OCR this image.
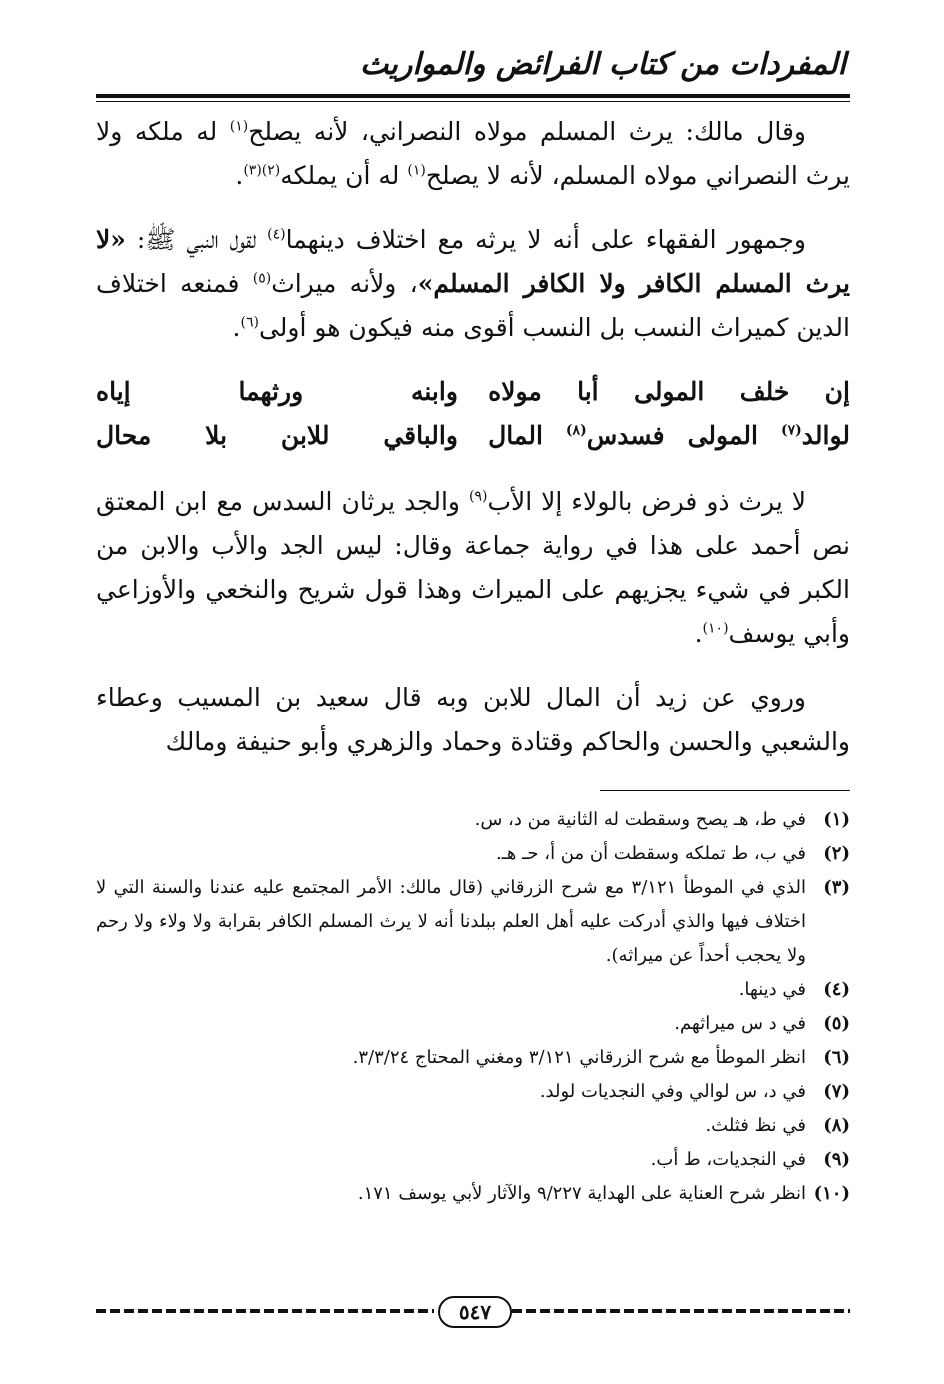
المفردات من كتاب الفرائض والمواريث

وقال مالك: يرث المسلم مولاه النصراني، لأنه يصلح$^{(١)}$ له ملكه ولا يرث النصراني مولاه المسلم، لأنه لا يصلح$^{(١)}$ له أن يملكه$^{(٢)(٣)}$.

وجمهور الفقهاء على أنه لا يرثه مع اختلاف دينهما$^{(٤)}$ لقول النبي ﷺ: «لا يرث المسلم الكافر ولا الكافر المسلم»، ولأنه ميراث$^{(٥)}$ فمنعه اختلاف الدين كميراث النسب بل النسب أقوى منه فيكون هو أولى$^{(٦)}$.

إن خلف المولى أبا مولاه
وابنه ورثهما إياه
لوالد$^{(٧)}$ المولى فسدس$^{(٨)}$ المال
والباقي للابن بلا محال

لا يرث ذو فرض بالولاء إلا الأب$^{(٩)}$ والجد يرثان السدس مع ابن المعتق نص أحمد على هذا في رواية جماعة وقال: ليس الجد والأب والابن من الكبر في شيء يجزيهم على الميراث وهذا قول شريح والنخعي والأوزاعي وأبي يوسف$^{(١٠)}$.

وروي عن زيد أن المال للابن وبه قال سعيد بن المسيب وعطاء والشعبي والحسن والحاكم وقتادة وحماد والزهري وأبو حنيفة ومالك

(١)
في ط، هـ يصح وسقطت له الثانية من د، س.
(٢)
في ب، ط تملكه وسقطت أن من أ، حـ هـ.
(٣)
الذي في الموطأ ٣/١٢١ مع شرح الزرقاني (قال مالك: الأمر المجتمع عليه عندنا والسنة التي لا اختلاف فيها والذي أدركت عليه أهل العلم ببلدنا أنه لا يرث المسلم الكافر بقرابة ولا ولاء ولا رحم ولا يحجب أحداً عن ميراثه).
(٤)
في دينها.
(٥)
في د س ميراثهم.
(٦)
انظر الموطأ مع شرح الزرقاني ٣/١٢١ ومغني المحتاج ٣/٣/٢٤.
(٧)
في د، س لوالي وفي النجديات لولد.
(٨)
في نظ فثلث.
(٩)
في النجديات، ط أب.
(١٠)
انظر شرح العناية على الهداية ٩/٢٢٧ والآثار لأبي يوسف ١٧١.
٥٤٧
